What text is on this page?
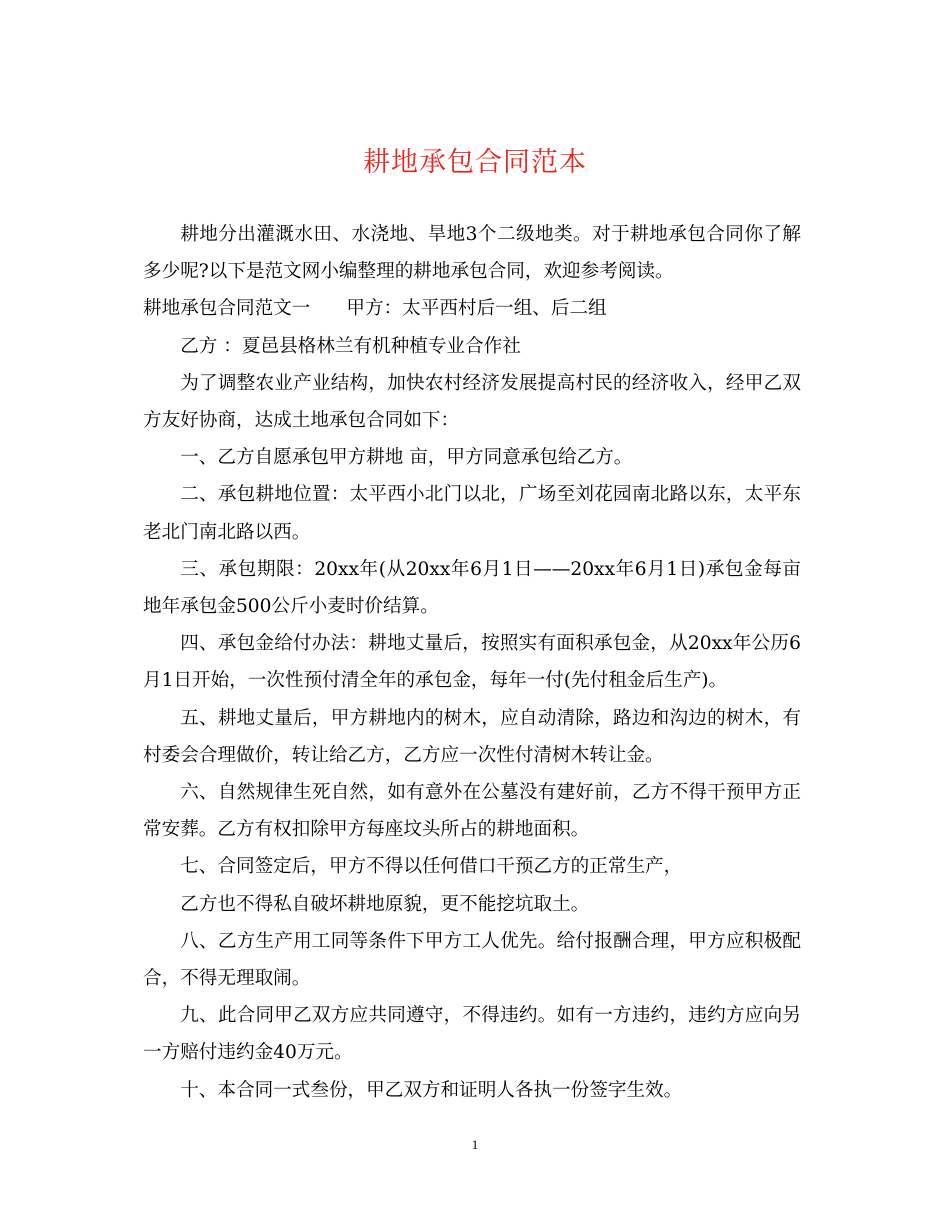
耕地承包合同范本

耕地分出灌溉水田、水浇地、旱地3个二级地类。对于耕地承包合同你了解多少呢?以下是范文网小编整理的耕地承包合同，欢迎参考阅读。

耕地承包合同范文一 甲方：太平西村后一组、后二组

乙方 ：夏邑县格林兰有机种植专业合作社

为了调整农业产业结构，加快农村经济发展提高村民的经济收入，经甲乙双方友好协商，达成土地承包合同如下：

一、乙方自愿承包甲方耕地 亩，甲方同意承包给乙方。

二、承包耕地位置：太平西小北门以北，广场至刘花园南北路以东，太平东老北门南北路以西。

三、承包期限：20xx年(从20xx年6月1日——20xx年6月1日)承包金每亩地年承包金500公斤小麦时价结算。

四、承包金给付办法：耕地丈量后，按照实有面积承包金，从20xx年公历6月1日开始，一次性预付清全年的承包金，每年一付(先付租金后生产)。

五、耕地丈量后，甲方耕地内的树木，应自动清除，路边和沟边的树木，有村委会合理做价，转让给乙方，乙方应一次性付清树木转让金。

六、自然规律生死自然，如有意外在公墓没有建好前，乙方不得干预甲方正常安葬。乙方有权扣除甲方每座坟头所占的耕地面积。

七、合同签定后，甲方不得以任何借口干预乙方的正常生产，

乙方也不得私自破坏耕地原貌，更不能挖坑取土。

八、乙方生产用工同等条件下甲方工人优先。给付报酬合理，甲方应积极配合，不得无理取闹。

九、此合同甲乙双方应共同遵守，不得违约。如有一方违约，违约方应向另一方赔付违约金40万元。

十、本合同一式叁份，甲乙双方和证明人各执一份签字生效。

1
